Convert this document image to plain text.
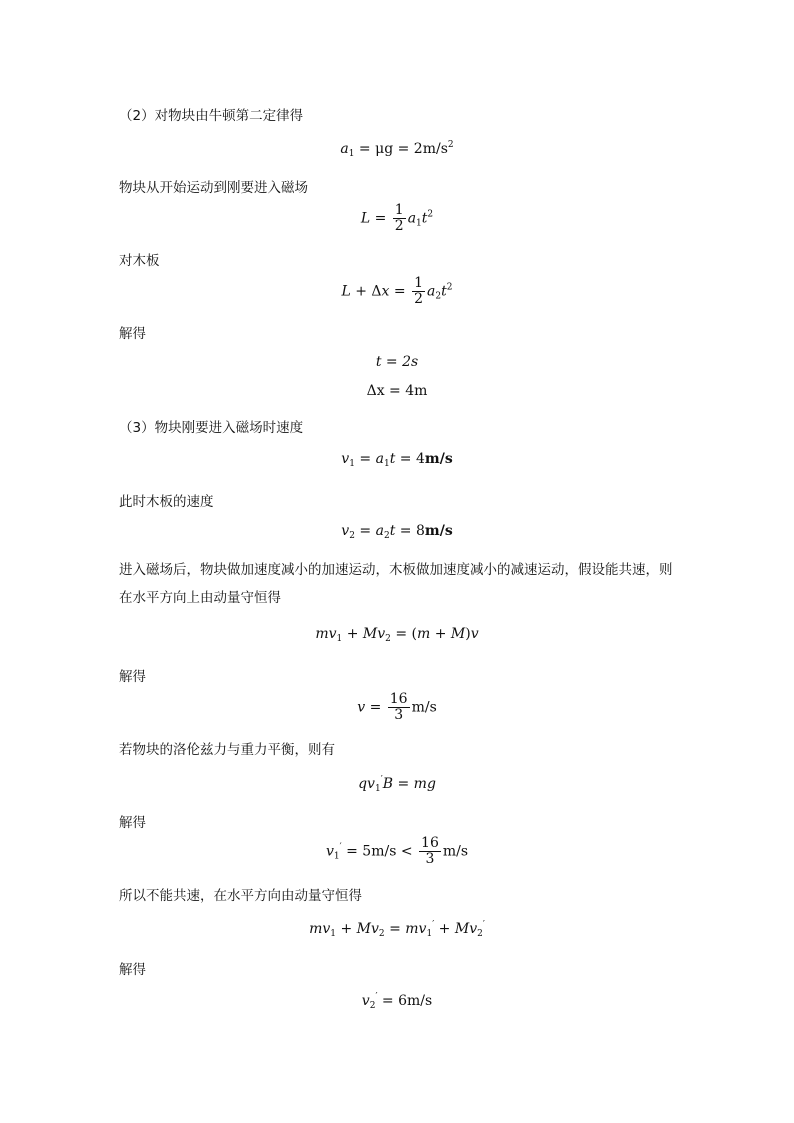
（2）对物块由牛顿第二定律得
$a_1 = \mu g = 2m/s^2$
物块从开始运动到刚要进入磁场
$L = \frac{1}{2} a_1t^2$
对木板
$L + \Delta x = \frac{1}{2} a_2t^2$
解得
t = 2s
Δx = 4m
（3）物块刚要进入磁场时速度
$v_1 = a_1t = 4m/s$
此时木板的速度
$v_2 = a_2t = 8m/s$
进入磁场后，物块做加速度减小的加速运动，木板做加速度减小的减速运动，假设能共速，则在水平方向上由动量守恒得
$mv_1 + Mv_2 = (m + M)v$
解得
$v = \frac{16}{3} m/s$
若物块的洛伦兹力与重力平衡，则有
$qv_1'B$ = mg
解得
$v_1' = 5m/s < \frac{16}{3} m/s$
所以不能共速，在水平方向由动量守恒得
$mv_1 + Mv_2 = mv_1' + Mv_2'$
解得
$v_2' = 6m/s$
